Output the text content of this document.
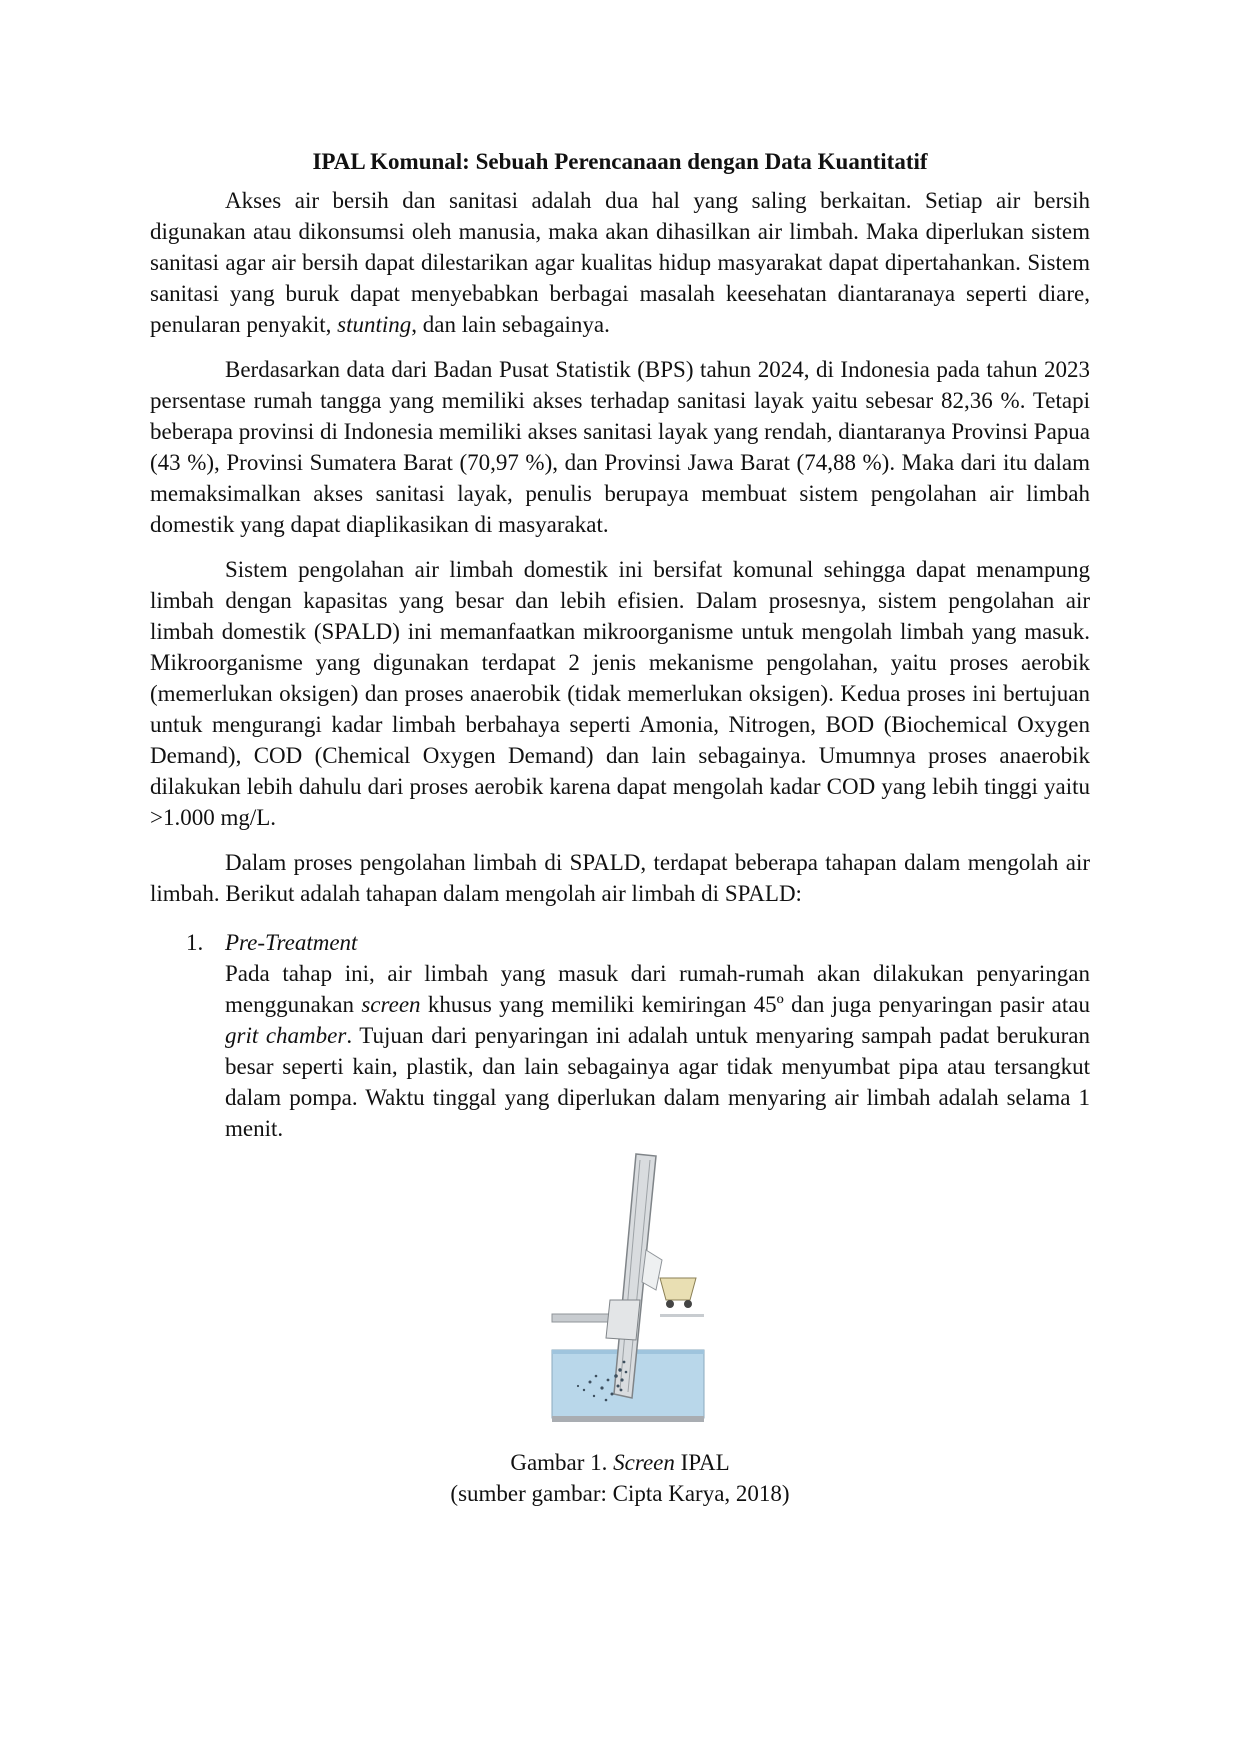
IPAL Komunal: Sebuah Perencanaan dengan Data Kuantitatif

Akses air bersih dan sanitasi adalah dua hal yang saling berkaitan. Setiap air bersih digunakan atau dikonsumsi oleh manusia, maka akan dihasilkan air limbah. Maka diperlukan sistem sanitasi agar air bersih dapat dilestarikan agar kualitas hidup masyarakat dapat dipertahankan. Sistem sanitasi yang buruk dapat menyebabkan berbagai masalah keesehatan diantaranaya seperti diare, penularan penyakit, stunting, dan lain sebagainya.

Berdasarkan data dari Badan Pusat Statistik (BPS) tahun 2024, di Indonesia pada tahun 2023 persentase rumah tangga yang memiliki akses terhadap sanitasi layak yaitu sebesar 82,36 %. Tetapi beberapa provinsi di Indonesia memiliki akses sanitasi layak yang rendah, diantaranya Provinsi Papua (43 %), Provinsi Sumatera Barat (70,97 %), dan Provinsi Jawa Barat (74,88 %). Maka dari itu dalam memaksimalkan akses sanitasi layak, penulis berupaya membuat sistem pengolahan air limbah domestik yang dapat diaplikasikan di masyarakat.

Sistem pengolahan air limbah domestik ini bersifat komunal sehingga dapat menampung limbah dengan kapasitas yang besar dan lebih efisien. Dalam prosesnya, sistem pengolahan air limbah domestik (SPALD) ini memanfaatkan mikroorganisme untuk mengolah limbah yang masuk. Mikroorganisme yang digunakan terdapat 2 jenis mekanisme pengolahan, yaitu proses aerobik (memerlukan oksigen) dan proses anaerobik (tidak memerlukan oksigen). Kedua proses ini bertujuan untuk mengurangi kadar limbah berbahaya seperti Amonia, Nitrogen, BOD (Biochemical Oxygen Demand), COD (Chemical Oxygen Demand) dan lain sebagainya. Umumnya proses anaerobik dilakukan lebih dahulu dari proses aerobik karena dapat mengolah kadar COD yang lebih tinggi yaitu >1.000 mg/L.

Dalam proses pengolahan limbah di SPALD, terdapat beberapa tahapan dalam mengolah air limbah. Berikut adalah tahapan dalam mengolah air limbah di SPALD:

1. Pre-Treatment
Pada tahap ini, air limbah yang masuk dari rumah-rumah akan dilakukan penyaringan menggunakan screen khusus yang memiliki kemiringan 45º dan juga penyaringan pasir atau grit chamber. Tujuan dari penyaringan ini adalah untuk menyaring sampah padat berukuran besar seperti kain, plastik, dan lain sebagainya agar tidak menyumbat pipa atau tersangkut dalam pompa. Waktu tinggal yang diperlukan dalam menyaring air limbah adalah selama 1 menit.
Gambar 1. Screen IPAL
(sumber gambar: Cipta Karya, 2018)
